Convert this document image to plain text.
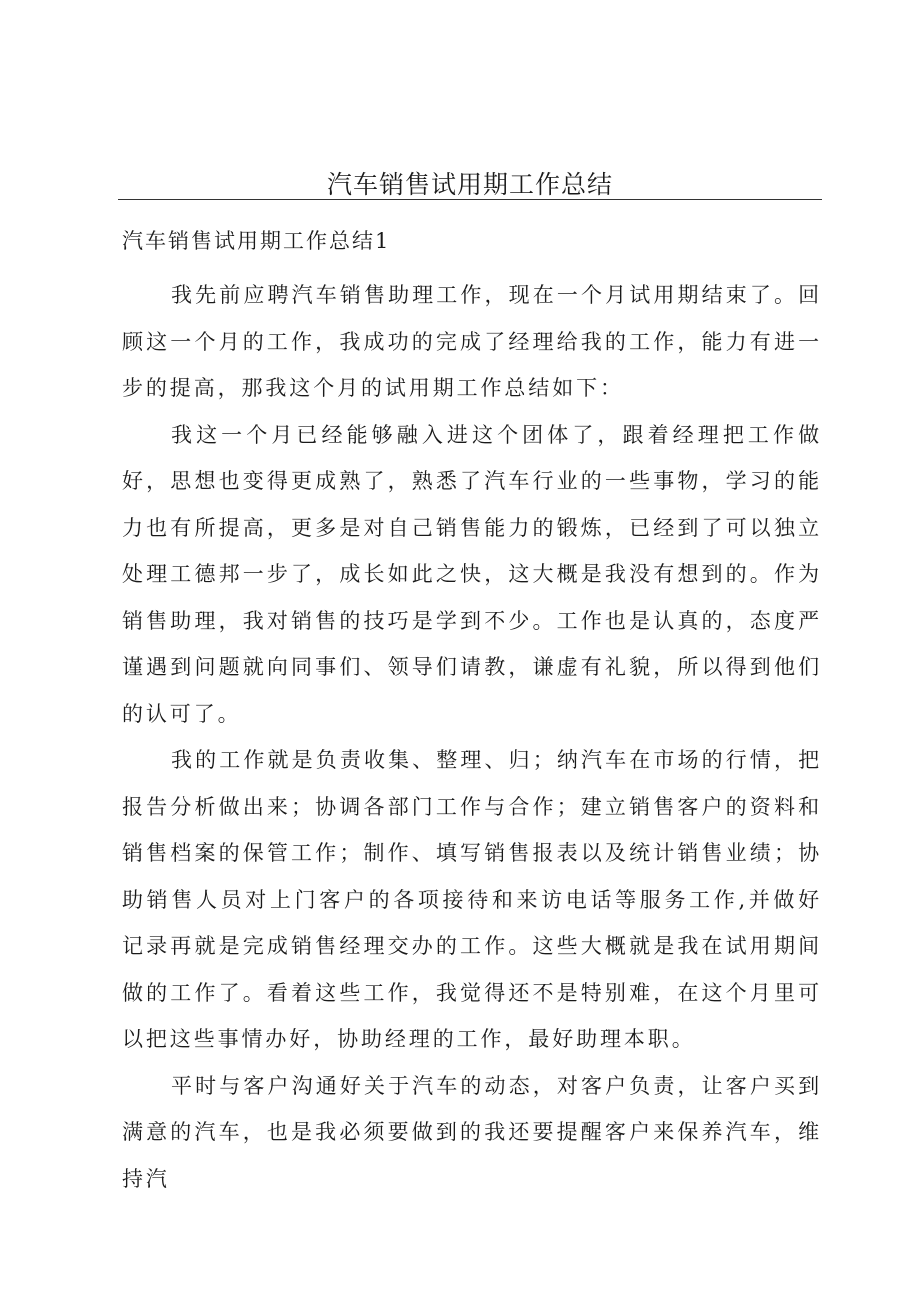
汽车销售试用期工作总结

汽车销售试用期工作总结1

我先前应聘汽车销售助理工作，现在一个月试用期结束了。回顾这一个月的工作，我成功的完成了经理给我的工作，能力有进一步的提高，那我这个月的试用期工作总结如下：

我这一个月已经能够融入进这个团体了，跟着经理把工作做好，思想也变得更成熟了，熟悉了汽车行业的一些事物，学习的能力也有所提高，更多是对自己销售能力的锻炼，已经到了可以独立处理工德邦一步了，成长如此之快，这大概是我没有想到的。作为销售助理，我对销售的技巧是学到不少。工作也是认真的，态度严谨遇到问题就向同事们、领导们请教，谦虚有礼貌，所以得到他们的认可了。

我的工作就是负责收集、整理、归；纳汽车在市场的行情，把报告分析做出来；协调各部门工作与合作；建立销售客户的资料和销售档案的保管工作；制作、填写销售报表以及统计销售业绩；协助销售人员对上门客户的各项接待和来访电话等服务工作,并做好记录再就是完成销售经理交办的工作。这些大概就是我在试用期间做的工作了。看着这些工作，我觉得还不是特别难，在这个月里可以把这些事情办好，协助经理的工作，最好助理本职。

平时与客户沟通好关于汽车的动态，对客户负责，让客户买到满意的汽车，也是我必须要做到的我还要提醒客户来保养汽车，维持汽
